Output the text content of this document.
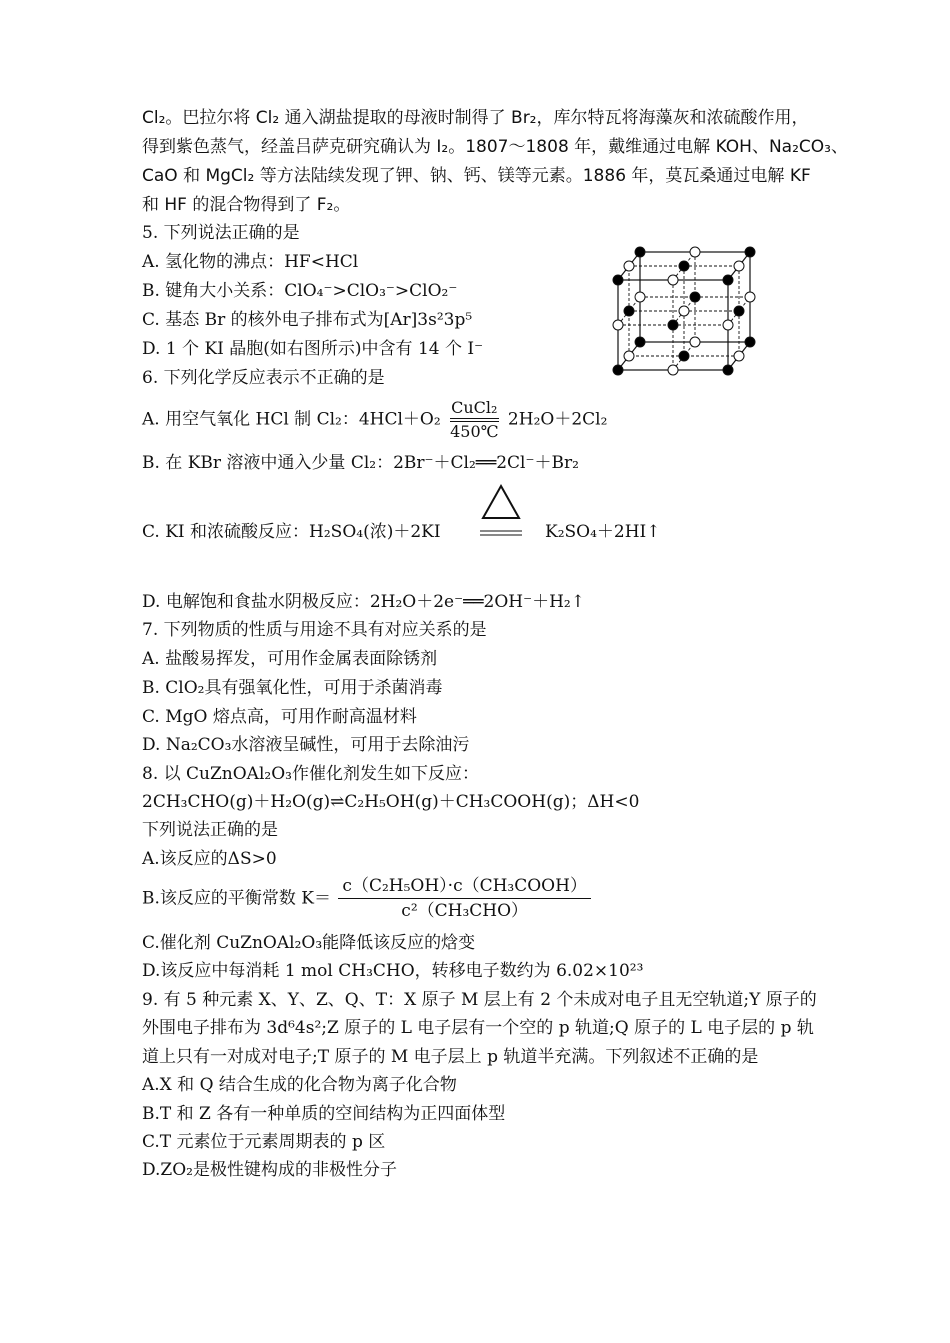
Cl₂。巴拉尔将 Cl₂ 通入湖盐提取的母液时制得了 Br₂，库尔特瓦将海藻灰和浓硫酸作用，
得到紫色蒸气，经盖吕萨克研究确认为 I₂。1807～1808 年，戴维通过电解 KOH、Na₂CO₃、
CaO 和 MgCl₂ 等方法陆续发现了钾、钠、钙、镁等元素。1886 年，莫瓦桑通过电解 KF
和 HF 的混合物得到了 F₂。
5. 下列说法正确的是
A. 氢化物的沸点：HF<HCl
B. 键角大小关系：ClO₄⁻>ClO₃⁻>ClO₂⁻
C. 基态 Br 的核外电子排布式为[Ar]3s²3p⁵
D. 1 个 KI 晶胞(如右图所示)中含有 14 个 I⁻
6. 下列化学反应表示不正确的是
A. 用空气氧化 HCl 制 Cl₂：4HCl＋O₂
CuCl₂
450℃
2H₂O＋2Cl₂
B. 在 KBr 溶液中通入少量 Cl₂：2Br⁻＋Cl₂══2Cl⁻＋Br₂
C. KI 和浓硫酸反应：H₂SO₄(浓)＋2KI	K₂SO₄＋2HI↑
D. 电解饱和食盐水阴极反应：2H₂O＋2e⁻══2OH⁻＋H₂↑
7. 下列物质的性质与用途不具有对应关系的是
A. 盐酸易挥发，可用作金属表面除锈剂
B. ClO₂具有强氧化性，可用于杀菌消毒
C. MgO 熔点高，可用作耐高温材料
D. Na₂CO₃水溶液呈碱性，可用于去除油污
8. 以 CuZnOAl₂O₃作催化剂发生如下反应：
2CH₃CHO(g)＋H₂O(g)⇌C₂H₅OH(g)＋CH₃COOH(g)；ΔH<0
下列说法正确的是
A.该反应的ΔS>0
B.该反应的平衡常数 $K= \frac{\text{c（C₂H₅OH）·c（CH₃COOH）}}{\text{c²（CH₃CHO）}}$
C.催化剂 CuZnOAl₂O₃能降低该反应的焓变
D.该反应中每消耗 1 mol CH₃CHO，转移电子数约为 6.02×10²³
9. 有 5 种元素 X、Y、Z、Q、T：X 原子 M 层上有 2 个未成对电子且无空轨道;Y 原子的
外围电子排布为 3d⁶4s²;Z 原子的 L 电子层有一个空的 p 轨道;Q 原子的 L 电子层的 p 轨
道上只有一对成对电子;T 原子的 M 电子层上 p 轨道半充满。下列叙述不正确的是
A.X 和 Q 结合生成的化合物为离子化合物
B.T 和 Z 各有一种单质的空间结构为正四面体型
C.T 元素位于元素周期表的 p 区
D.ZO₂是极性键构成的非极性分子
